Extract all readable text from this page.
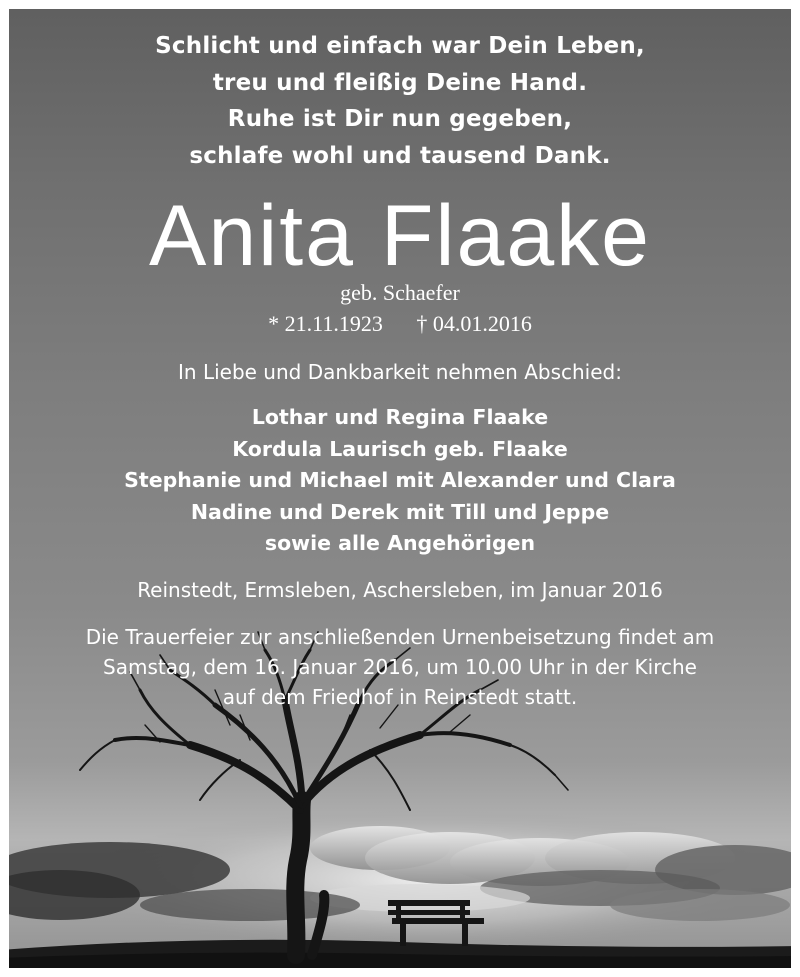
Schlicht und einfach war Dein Leben,
treu und fleißig Deine Hand.
Ruhe ist Dir nun gegeben,
schlafe wohl und tausend Dank.
Anita Flaake
geb. Schaefer
* 21.11.1923 † 04.01.2016
In Liebe und Dankbarkeit nehmen Abschied:
Lothar und Regina Flaake
Kordula Laurisch geb. Flaake
Stephanie und Michael mit Alexander und Clara
Nadine und Derek mit Till und Jeppe
sowie alle Angehörigen
Reinstedt, Ermsleben, Aschersleben, im Januar 2016
Die Trauerfeier zur anschließenden Urnenbeisetzung findet am
Samstag, dem 16. Januar 2016, um 10.00 Uhr in der Kirche
auf dem Friedhof in Reinstedt statt.
